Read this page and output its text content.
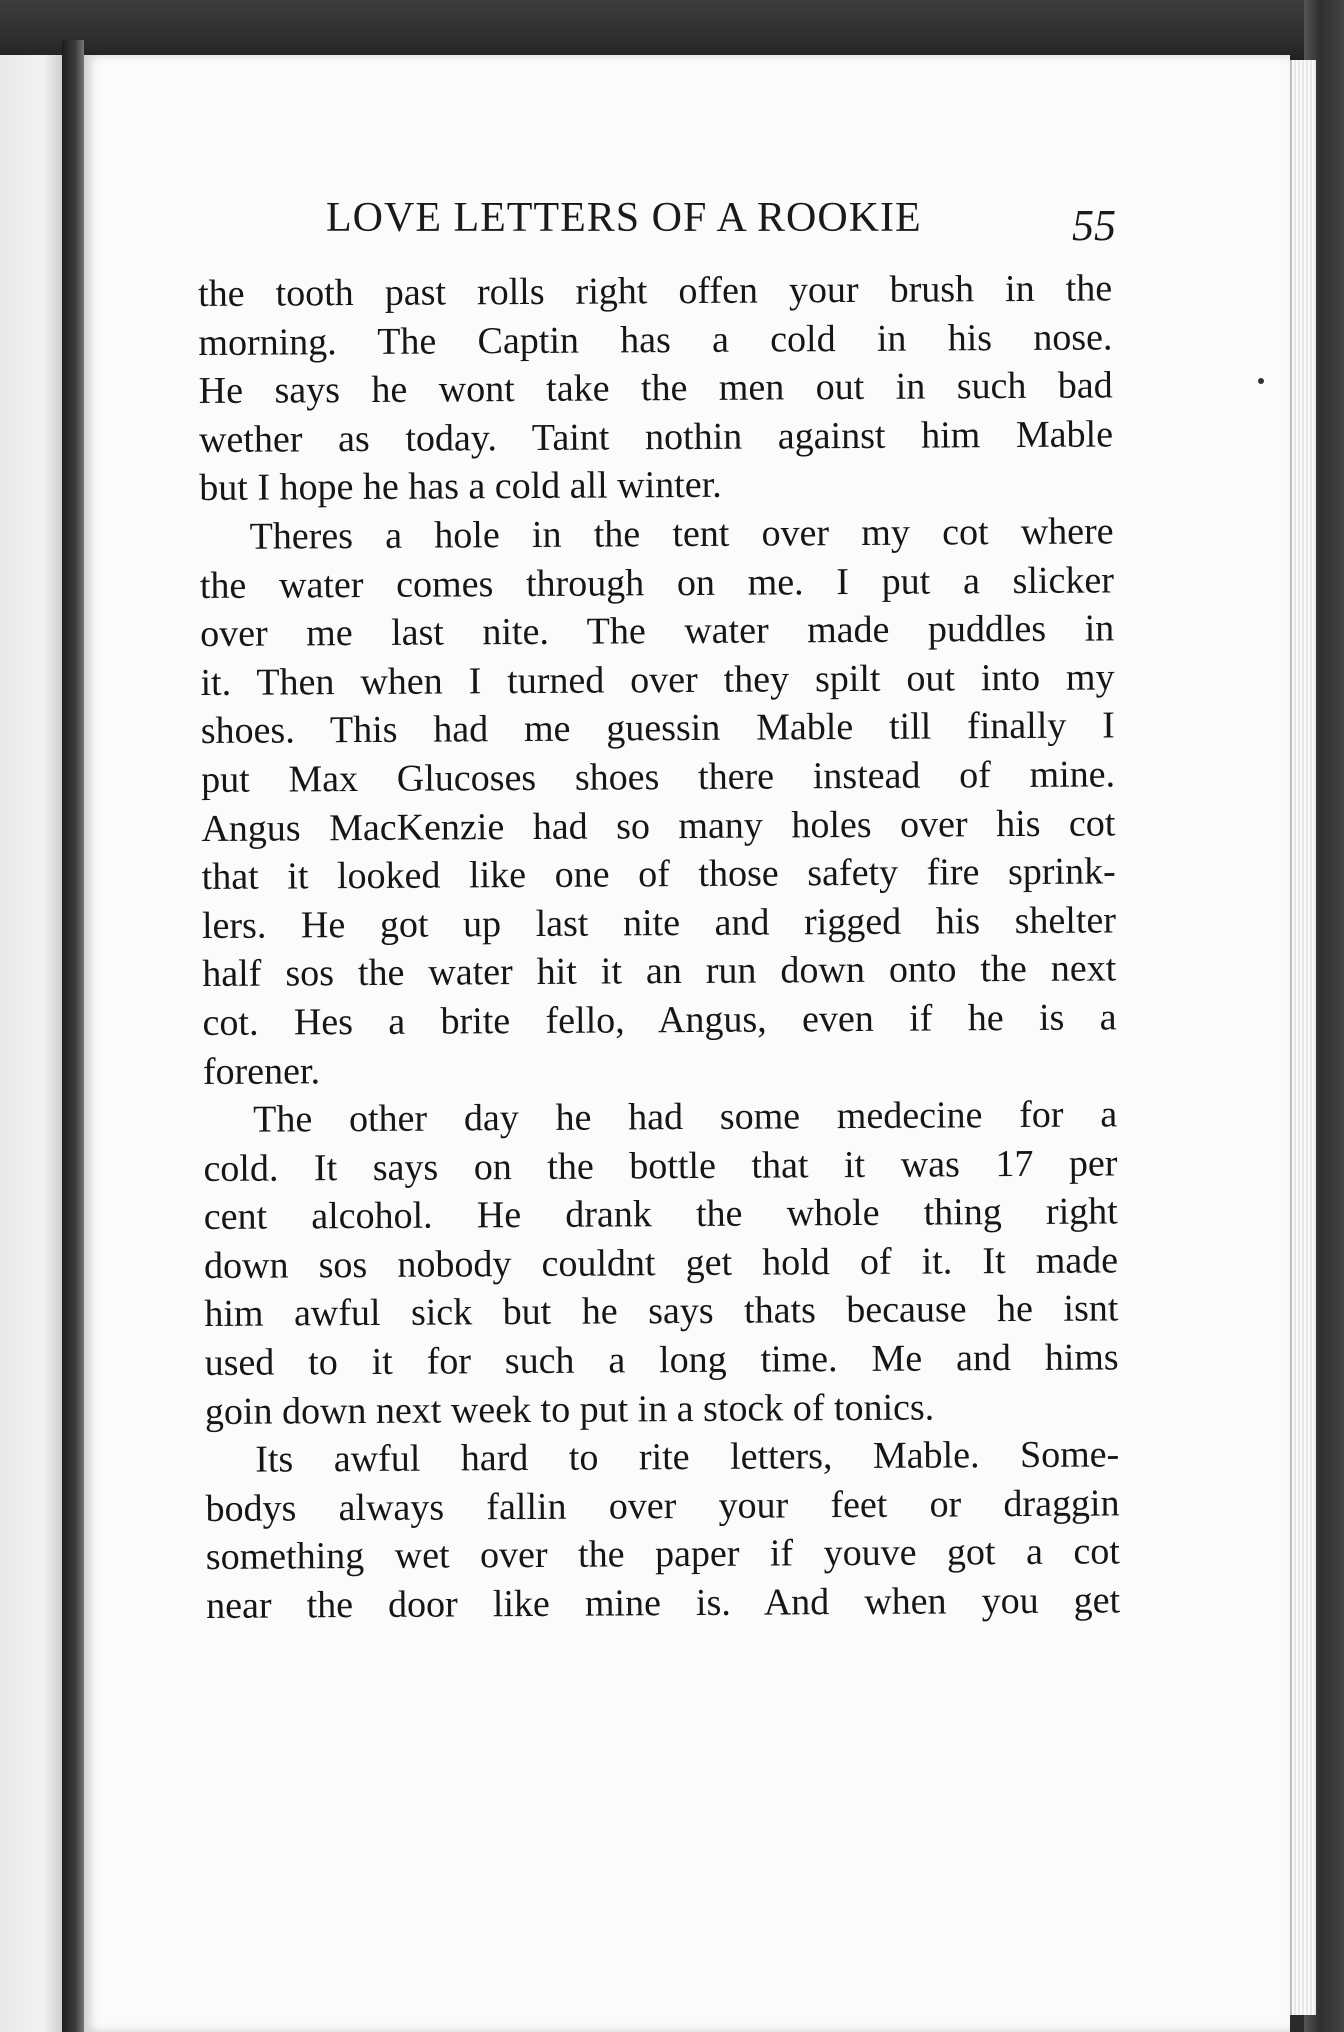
LOVE LETTERS OF A ROOKIE	55
the tooth past rolls right offen your brush in the
morning. The Captin has a cold in his nose.
He says he wont take the men out in such bad
wether as today. Taint nothin against him Mable
but I hope he has a cold all winter.
Theres a hole in the tent over my cot where
the water comes through on me. I put a slicker
over me last nite. The water made puddles in
it. Then when I turned over they spilt out into my
shoes. This had me guessin Mable till finally I
put Max Glucoses shoes there instead of mine.
Angus MacKenzie had so many holes over his cot
that it looked like one of those safety fire sprink-
lers. He got up last nite and rigged his shelter
half sos the water hit it an run down onto the next
cot. Hes a brite fello, Angus, even if he is a
forener.
The other day he had some medecine for a
cold. It says on the bottle that it was 17 per
cent alcohol. He drank the whole thing right
down sos nobody couldnt get hold of it. It made
him awful sick but he says thats because he isnt
used to it for such a long time. Me and hims
goin down next week to put in a stock of tonics.
Its awful hard to rite letters, Mable. Some-
bodys always fallin over your feet or draggin
something wet over the paper if youve got a cot
near the door like mine is. And when you get
